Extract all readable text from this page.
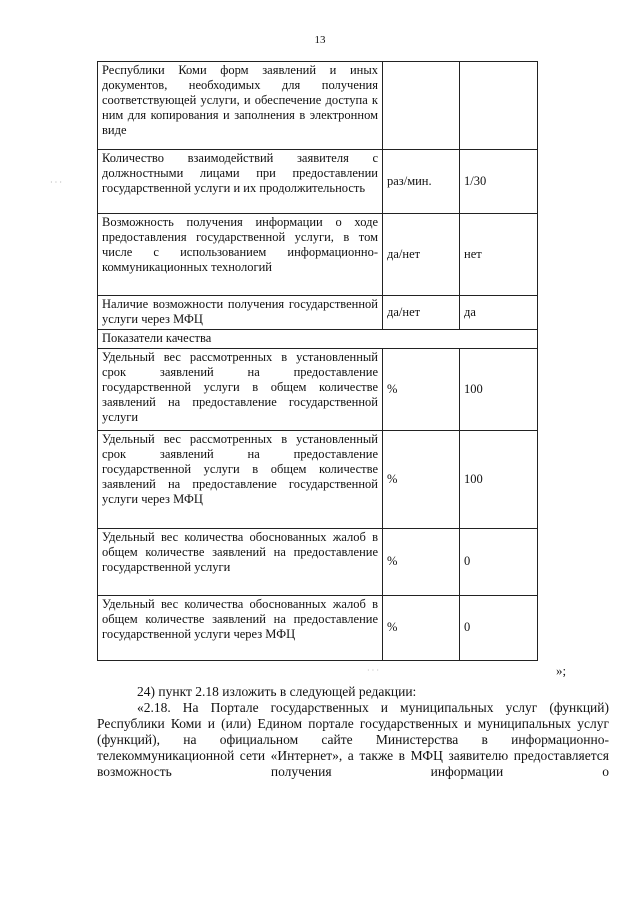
13
· · ·
Республики Коми форм заявлений и иных документов, необходимых для получения соответствующей услуги, и обеспечение доступа к ним для копирования и заполнения в электронном виде		
Количество взаимодействий заявителя с должностными лицами при предоставлении государственной услуги и их продолжительность	раз/мин.	1/30
Возможность получения информации о ходе предоставления государственной услуги, в том числе с использованием информационно-коммуникационных технологий	да/нет	нет
Наличие возможности получения государственной услуги через МФЦ	да/нет	да
Показатели качества		
Удельный вес рассмотренных в установленный срок заявлений на предоставление государственной услуги в общем количестве заявлений на предоставление государственной услуги	%	100
Удельный вес рассмотренных в установленный срок заявлений на предоставление государственной услуги в общем количестве заявлений на предоставление государственной услуги через МФЦ	%	100
Удельный вес количества обоснованных жалоб в общем количестве заявлений на предоставление государственной услуги	%	0
Удельный вес количества обоснованных жалоб в общем количестве заявлений на предоставление государственной услуги через МФЦ	%	0
· · ·	»;
24) пункт 2.18 изложить в следующей редакции:
«2.18. На Портале государственных и муниципальных услуг (функций) Республики Коми и (или) Едином портале государственных и муниципальных услуг (функций), на официальном сайте Министерства в информационно-телекоммуникационной сети «Интернет», а также в МФЦ заявителю предоставляется возможность получения информации о
